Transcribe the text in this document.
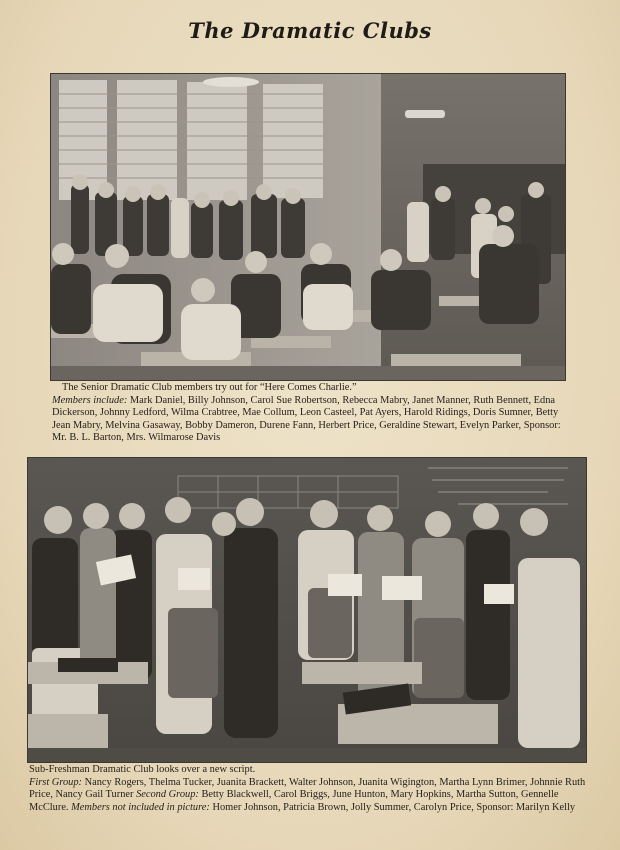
The Dramatic Clubs
The Senior Dramatic Club members try out for “Here Comes Charlie.”
Members include: Mark Daniel, Billy Johnson, Carol Sue Robertson, Rebecca Mabry, Janet Manner, Ruth Bennett, Edna Dickerson, Johnny Ledford, Wilma Crabtree, Mae Collum, Leon Casteel, Pat Ayers, Harold Ridings, Doris Sumner, Betty Jean Mabry, Melvina Gasaway, Bobby Dameron, Durene Fann, Herbert Price, Geraldine Stewart, Evelyn Parker, Sponsor: Mr. B. L. Barton, Mrs. Wilmarose Davis
Sub-Freshman Dramatic Club looks over a new script.
First Group: Nancy Rogers, Thelma Tucker, Juanita Brackett, Walter Johnson, Juanita Wigington, Martha Lynn Brimer, Johnnie Ruth Price, Nancy Gail Turner Second Group: Betty Blackwell, Carol Briggs, June Hunton, Mary Hopkins, Martha Sutton, Gennelle McClure. Members not included in picture: Homer Johnson, Patricia Brown, Jolly Summer, Carolyn Price, Sponsor: Marilyn Kelly
